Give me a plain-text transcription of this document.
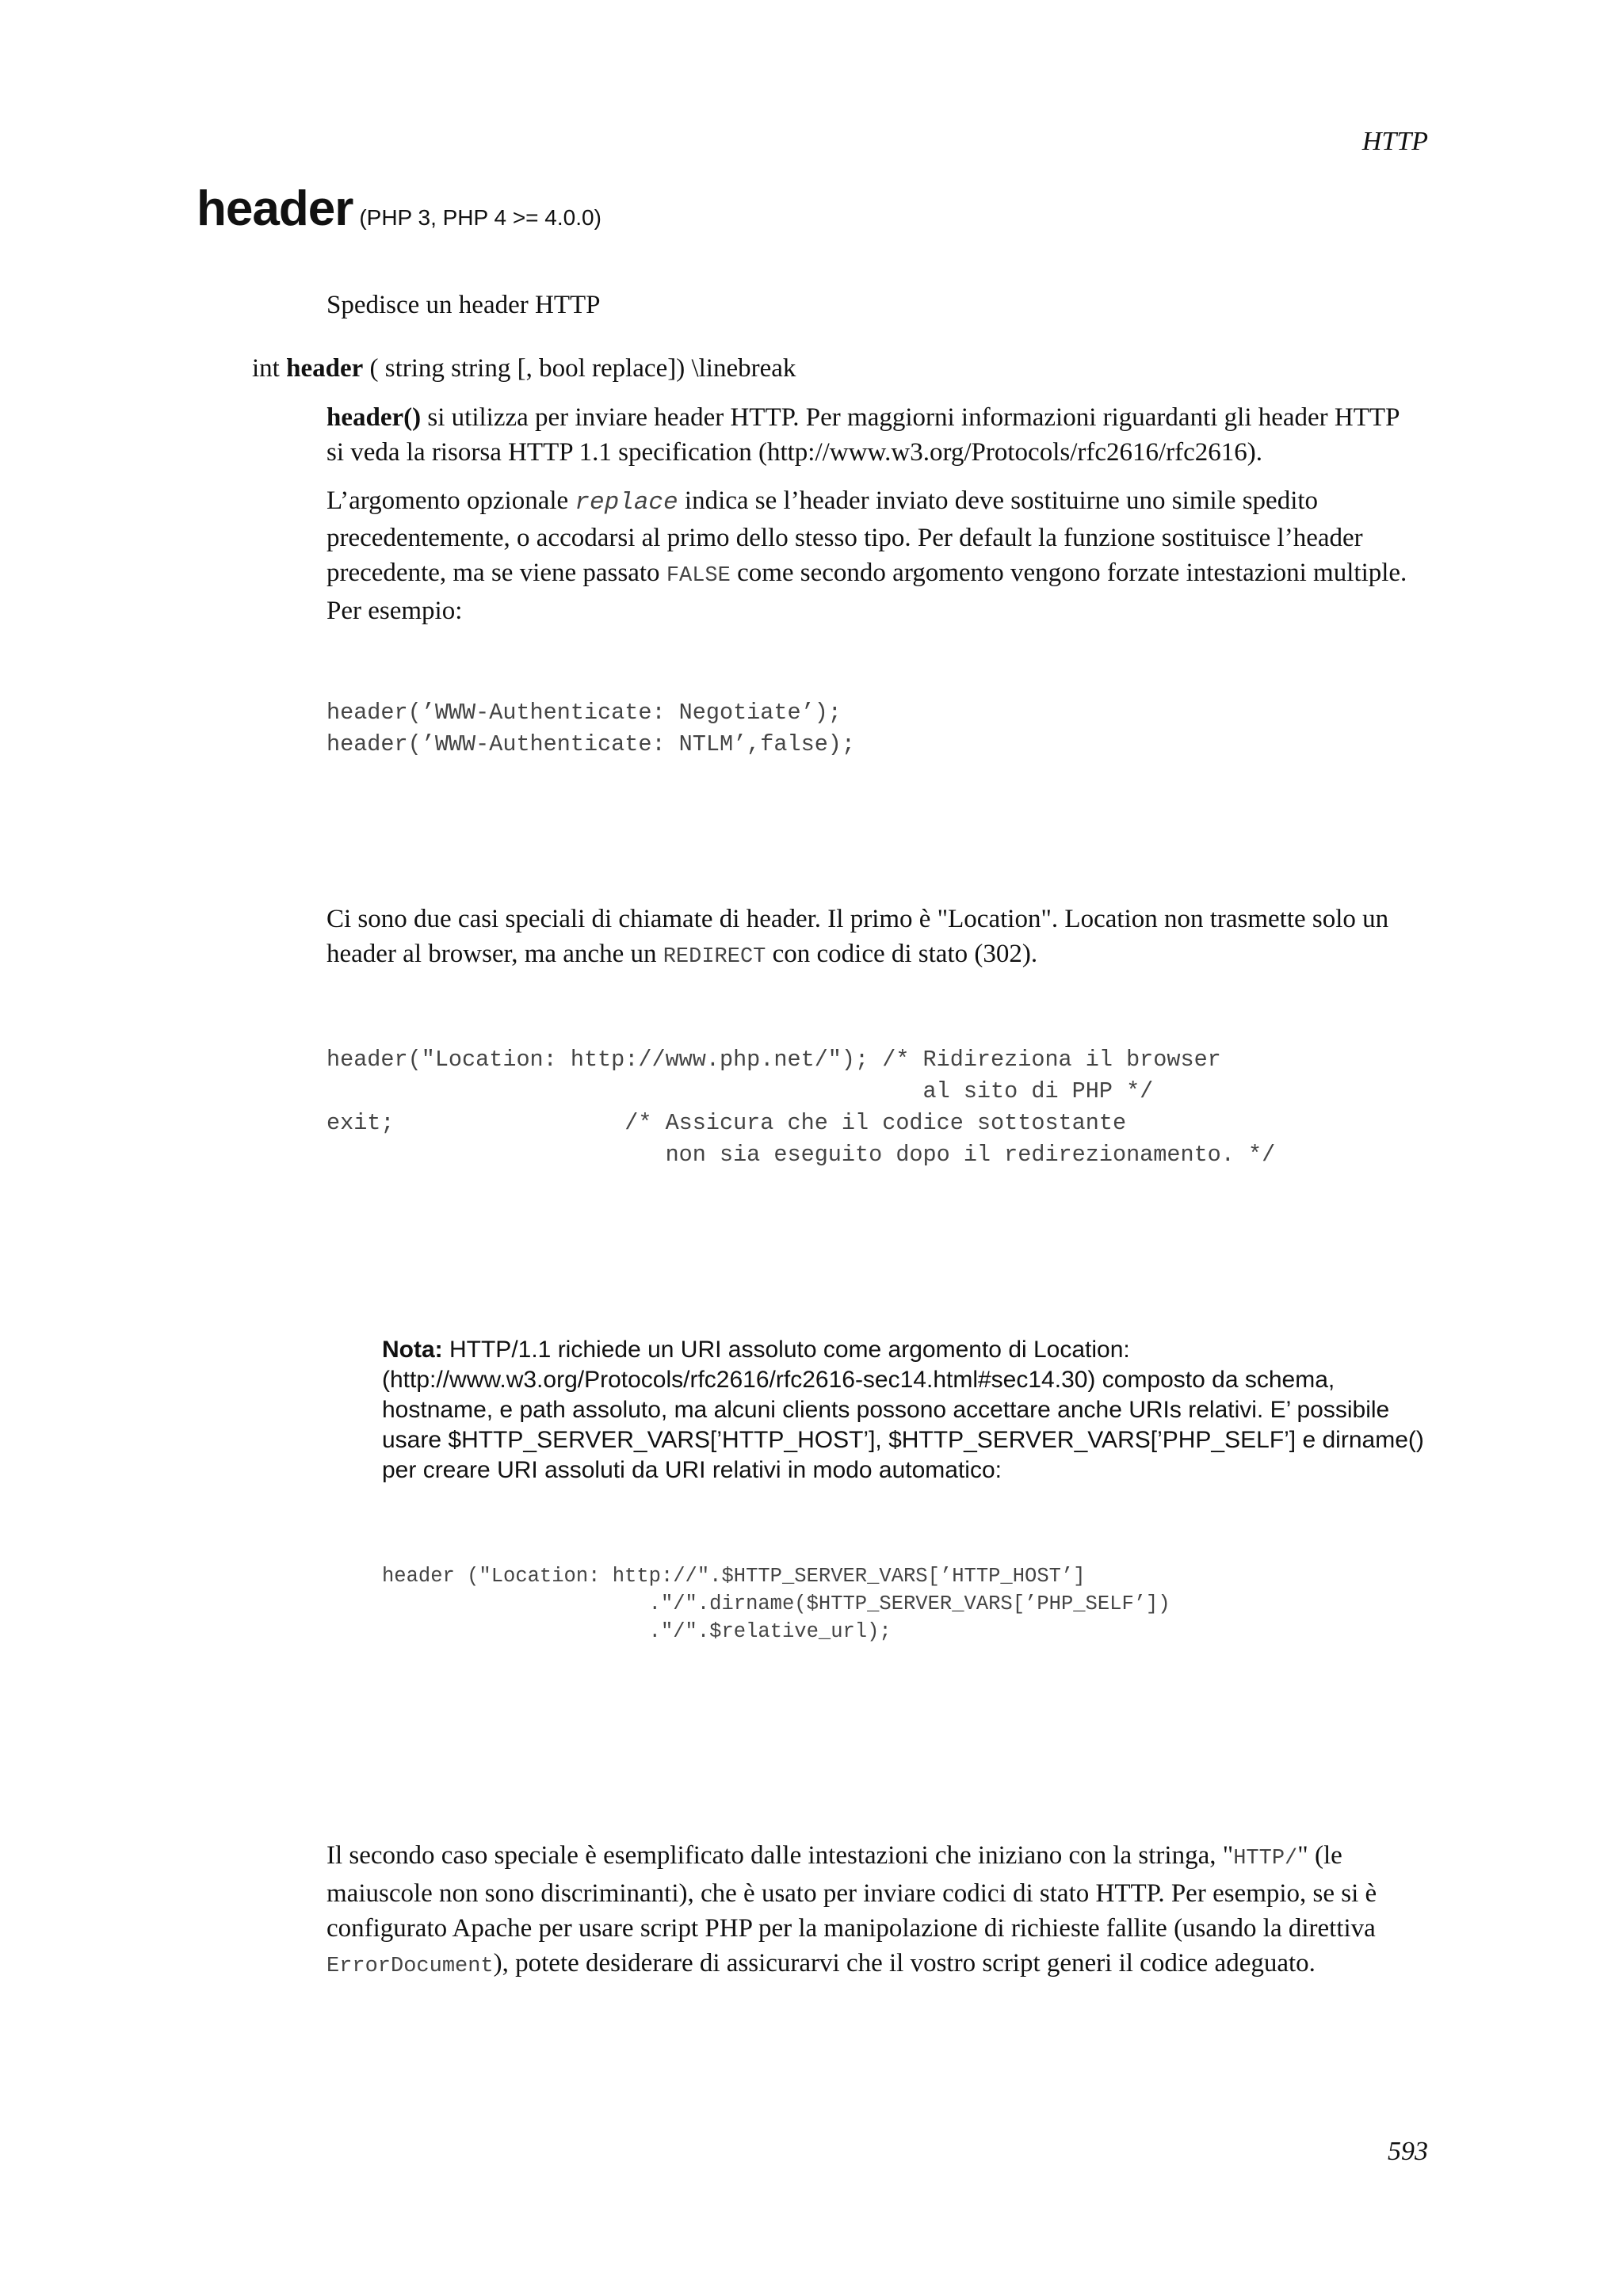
HTTP
header (PHP 3, PHP 4 >= 4.0.0)
Spedisce un header HTTP
int header ( string string [, bool replace]) \linebreak
header() si utilizza per inviare header HTTP. Per maggiorni informazioni riguardanti gli header HTTP si veda la risorsa HTTP 1.1 specification (http://www.w3.org/Protocols/rfc2616/rfc2616).
L’argomento opzionale replace indica se l’header inviato deve sostituirne uno simile spedito precedentemente, o accodarsi al primo dello stesso tipo. Per default la funzione sostituisce l’header precedente, ma se viene passato FALSE come secondo argomento vengono forzate intestazioni multiple. Per esempio:
header(’WWW-Authenticate: Negotiate’);
header(’WWW-Authenticate: NTLM’,false);
Ci sono due casi speciali di chiamate di header. Il primo è "Location". Location non trasmette solo un header al browser, ma anche un REDIRECT con codice di stato (302).
header("Location: http://www.php.net/"); /* Ridireziona il browser
al sito di PHP */
exit;                 /* Assicura che il codice sottostante
non sia eseguito dopo il redirezionamento. */
Nota: HTTP/1.1 richiede un URI assoluto come argomento di Location: (http://www.w3.org/Protocols/rfc2616/rfc2616-sec14.html#sec14.30) composto da schema, hostname, e path assoluto, ma alcuni clients possono accettare anche URIs relativi. E’ possibile usare $HTTP_SERVER_VARS[’HTTP_HOST’], $HTTP_SERVER_VARS[’PHP_SELF’] e dirname() per creare URI assoluti da URI relativi in modo automatico:
header ("Location: http://".$HTTP_SERVER_VARS[’HTTP_HOST’]
."/".dirname($HTTP_SERVER_VARS[’PHP_SELF’])
."/".$relative_url);
Il secondo caso speciale è esemplificato dalle intestazioni che iniziano con la stringa, "HTTP/" (le maiuscole non sono discriminanti), che è usato per inviare codici di stato HTTP. Per esempio, se si è configurato Apache per usare script PHP per la manipolazione di richieste fallite (usando la direttiva ErrorDocument), potete desiderare di assicurarvi che il vostro script generi il codice adeguato.
593
